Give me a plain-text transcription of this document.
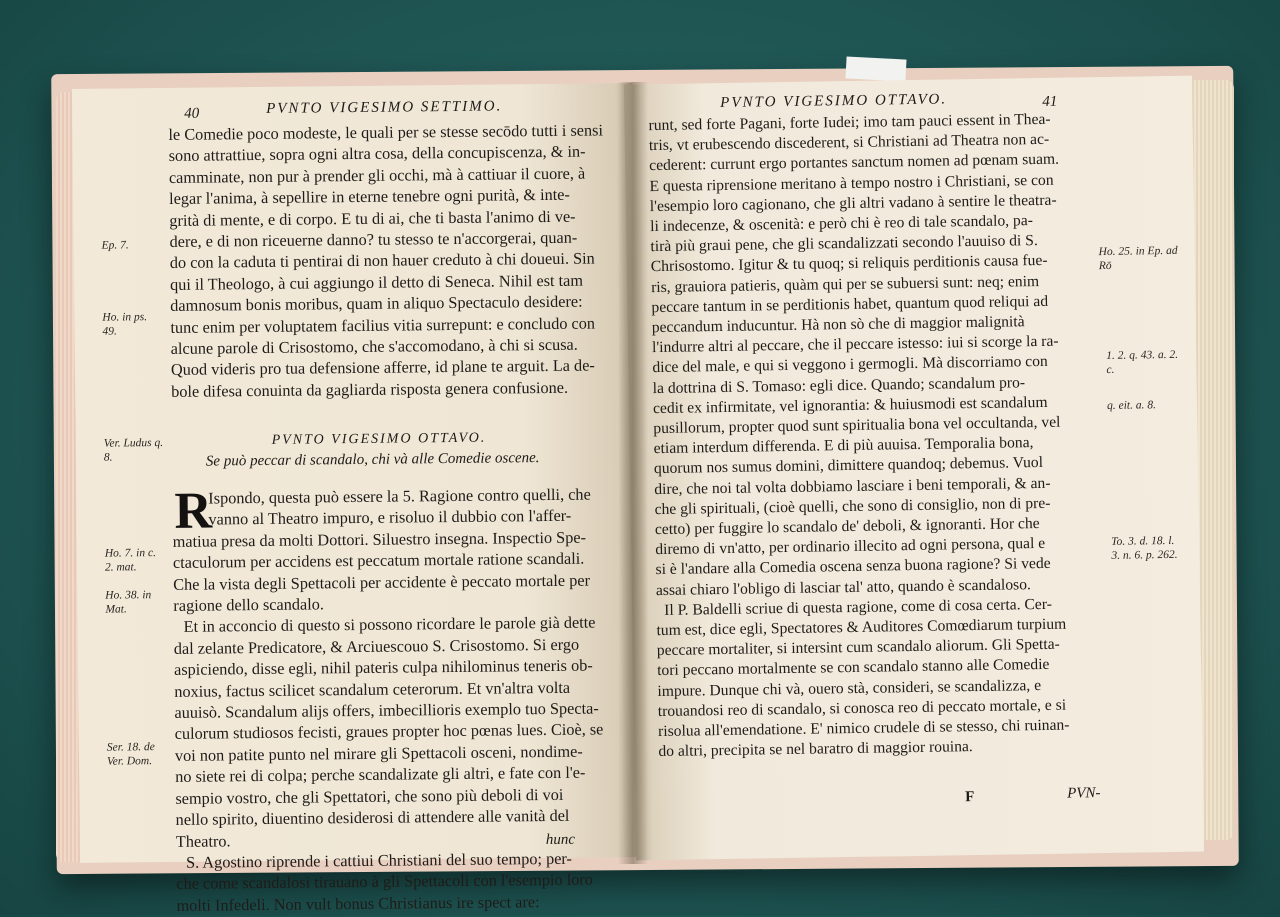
40	PVNTO VIGESIMO SETTIMO.
le Comedie poco modeste, le quali per se stesse secōdo tutti i sensi
sono attrattiue, sopra ogni altra cosa, della concupiscenza, & in-
camminate, non pur à prender gli occhi, mà à cattiuar il cuore, à
legar l'anima, à sepellire in eterne tenebre ogni purità, & inte-
grità di mente, e di corpo. E tu di ai, che ti basta l'animo di ve-
dere, e di non riceuerne danno? tu stesso te n'accorgerai, quan-
do con la caduta ti pentirai di non hauer creduto à chi doueui. Sin
qui il Theologo, à cui aggiungo il detto di Seneca. Nihil est tam
damnosum bonis moribus, quam in aliquo Spectaculo desidere:
tunc enim per voluptatem facilius vitia surrepunt: e concludo con
alcune parole di Crisostomo, che s'accomodano, à chi si scusa.
Quod videris pro tua defensione afferre, id plane te arguit. La de-
bole difesa conuinta da gagliarda risposta genera confusione.
PVNTO VIGESIMO OTTAVO.
Se può peccar di scandalo, chi và alle Comedie oscene.
R
Ispondo, questa può essere la 5. Ragione contro quelli, che
vanno al Theatro impuro, e risoluo il dubbio con l'affer-
matiua presa da molti Dottori. Siluestro insegna. Inspectio Spe-
ctaculorum per accidens est peccatum mortale ratione scandali.
Che la vista degli Spettacoli per accidente è peccato mortale per
ragione dello scandalo.
Et in acconcio di questo si possono ricordare le parole già dette
dal zelante Predicatore, & Arciuescouo S. Crisostomo. Si ergo
aspiciendo, disse egli, nihil pateris culpa nihilominus teneris ob-
noxius, factus scilicet scandalum ceterorum. Et vn'altra volta
auuisò. Scandalum alijs offers, imbecillioris exemplo tuo Specta-
culorum studiosos fecisti, graues propter hoc pœnas lues. Cioè, se
voi non patite punto nel mirare gli Spettacoli osceni, nondime-
no siete rei di colpa; perche scandalizate gli altri, e fate con l'e-
sempio vostro, che gli Spettatori, che sono più deboli di voi
nello spirito, diuentino desiderosi di attendere alle vanità del
Theatro.
S. Agostino riprende i cattiui Christiani del suo tempo; per-
che come scandalosi tirauano à gli Spettacoli con l'esempio loro
molti Infedeli. Non vult bonus Christianus ire spect are:
hunc
Ep. 7.
Ho. in ps. 49.
Ver. Ludus q. 8.
Ho. 7. in c. 2. mat.
Ho. 38. in Mat.
Ser. 18. de Ver. Dom.
PVNTO VIGESIMO OTTAVO.	41
runt, sed forte Pagani, forte Iudei; imo tam pauci essent in Thea-
tris, vt erubescendo discederent, si Christiani ad Theatra non ac-
cederent: currunt ergo portantes sanctum nomen ad pœnam suam.
E questa riprensione meritano à tempo nostro i Christiani, se con
l'esempio loro cagionano, che gli altri vadano à sentire le theatra-
li indecenze, & oscenità: e però chi è reo di tale scandalo, pa-
tirà più graui pene, che gli scandalizzati secondo l'auuiso di S.
Chrisostomo. Igitur & tu quoq; si reliquis perditionis causa fue-
ris, grauiora patieris, quàm qui per se subuersi sunt: neq; enim
peccare tantum in se perditionis habet, quantum quod reliqui ad
peccandum inducuntur. Hà non sò che di maggior malignità
l'indurre altri al peccare, che il peccare istesso: iui si scorge la ra-
dice del male, e qui si veggono i germogli. Mà discorriamo con
la dottrina di S. Tomaso: egli dice. Quando; scandalum pro-
cedit ex infirmitate, vel ignorantia: & huiusmodi est scandalum
pusillorum, propter quod sunt spiritualia bona vel occultanda, vel
etiam interdum differenda. E di più auuisa. Temporalia bona,
quorum nos sumus domini, dimittere quandoq; debemus. Vuol
dire, che noi tal volta dobbiamo lasciare i beni temporali, & an-
che gli spirituali, (cioè quelli, che sono di consiglio, non di pre-
cetto) per fuggire lo scandalo de' deboli, & ignoranti. Hor che
diremo di vn'atto, per ordinario illecito ad ogni persona, qual e
si è l'andare alla Comedia oscena senza buona ragione? Si vede
assai chiaro l'obligo di lasciar tal' atto, quando è scandaloso.
Il P. Baldelli scriue di questa ragione, come di cosa certa. Cer-
tum est, dice egli, Spectatores & Auditores Comœdiarum turpium
peccare mortaliter, si intersint cum scandalo aliorum. Gli Spetta-
tori peccano mortalmente se con scandalo stanno alle Comedie
impure. Dunque chi và, ouero stà, consideri, se scandalizza, e
trouandosi reo di scandalo, si conosca reo di peccato mortale, e si
risolua all'emendatione. E' nimico crudele di se stesso, chi ruinan-
do altri, precipita se nel baratro di maggior rouina.
F	PVN-
Ho. 25. in Ep. ad Rō
1. 2. q. 43. a. 2. c.
q. eit. a. 8.
To. 3. d. 18. l. 3. n. 6. p. 262.
